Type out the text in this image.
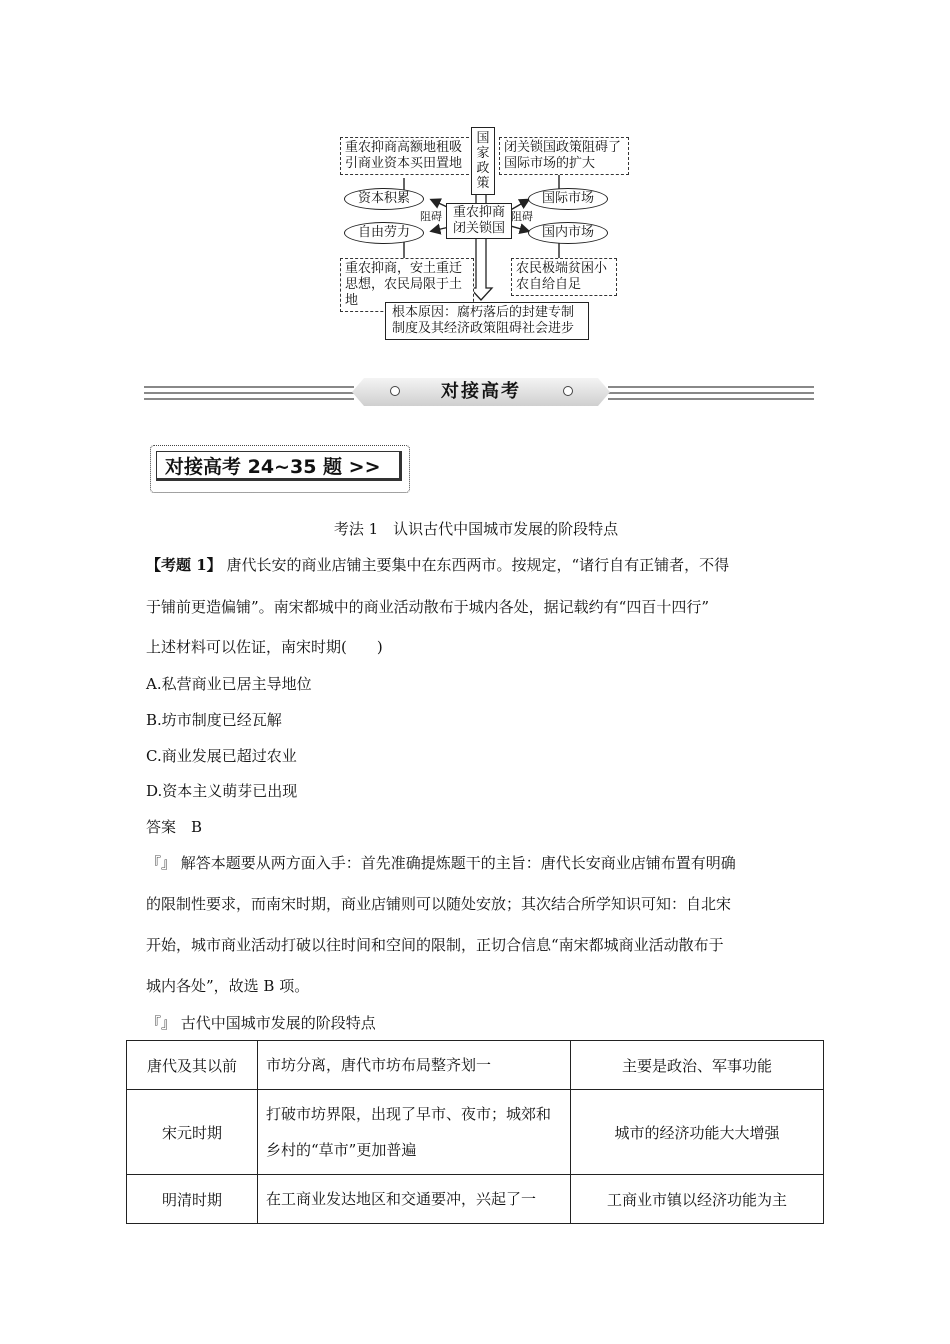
重农抑商高额地租吸引商业资本买田置地
国家政策
闭关锁国政策阻碍了国际市场的扩大
资本积累
自由劳力
重农抑商闭关锁国
阻碍	阻碍
国际市场
国内市场
重农抑商，安土重迁思想，农民局限于土地
农民极端贫困小农自给自足
根本原因：腐朽落后的封建专制制度及其经济政策阻碍社会进步
对接高考
对接高考 24~35 题 >>
考法 1　认识古代中国城市发展的阶段特点
【考题 1】 唐代长安的商业店铺主要集中在东西两市。按规定，“诸行自有正铺者，不得
于铺前更造偏铺”。南宋都城中的商业活动散布于城内各处，据记载约有“四百十四行”
上述材料可以佐证，南宋时期(　　)
A.私营商业已居主导地位
B.坊市制度已经瓦解
C.商业发展已超过农业
D.资本主义萌芽已出现
答案　B
『』 解答本题要从两方面入手：首先准确提炼题干的主旨：唐代长安商业店铺布置有明确
的限制性要求，而南宋时期，商业店铺则可以随处安放；其次结合所学知识可知：自北宋
开始，城市商业活动打破以往时间和空间的限制，正切合信息“南宋都城商业活动散布于
城内各处”，故选 B 项。
『』 古代中国城市发展的阶段特点
唐代及其以前	市坊分离，唐代市坊布局整齐划一	主要是政治、军事功能
宋元时期	打破市坊界限，出现了早市、夜市；城郊和乡村的“草市”更加普遍	城市的经济功能大大增强
明清时期	在工商业发达地区和交通要冲，兴起了一	工商业市镇以经济功能为主
